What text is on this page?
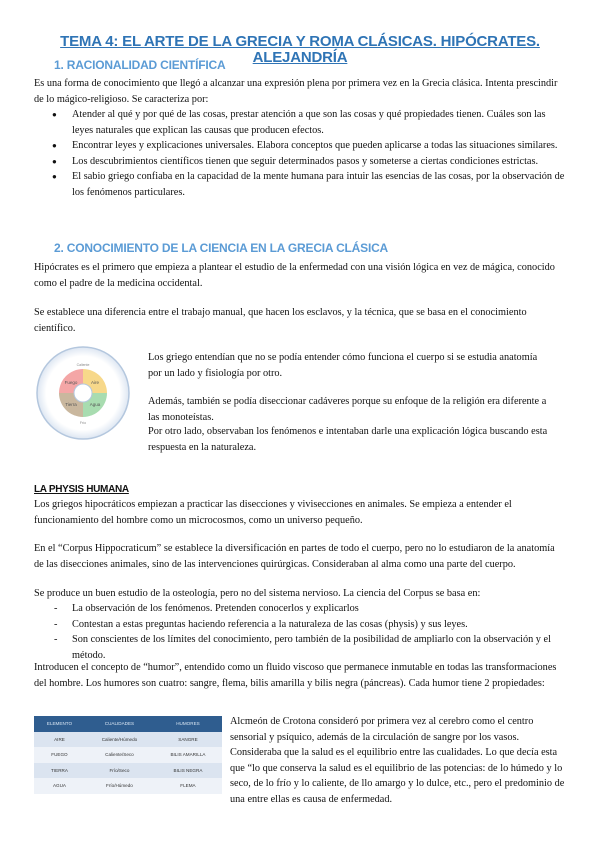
TEMA 4: EL ARTE DE LA GRECIA Y ROMA CLÁSICAS. HIPÓCRATES. ALEJANDRÍA
1. RACIONALIDAD CIENTÍFICA

Es una forma de conocimiento que llegó a alcanzar una expresión plena por primera vez en la Grecia clásica. Intenta prescindir de lo mágico-religioso. Se caracteriza por:

● Atender al qué y por qué de las cosas, prestar atención a que son las cosas y qué propiedades tienen. Cuáles son las leyes naturales que explican las causas que producen efectos.
● Encontrar leyes y explicaciones universales. Elabora conceptos que pueden aplicarse a todas las situaciones similares.
● Los descubrimientos científicos tienen que seguir determinados pasos y someterse a ciertas condiciones estrictas.
● El sabio griego confiaba en la capacidad de la mente humana para intuir las esencias de las cosas, por la observación de los fenómenos particulares.
2. CONOCIMIENTO DE LA CIENCIA EN LA GRECIA CLÁSICA

Hipócrates es el primero que empieza a plantear el estudio de la enfermedad con una visión lógica en vez de mágica, conocido como el padre de la medicina occidental.

Se establece una diferencia entre el trabajo manual, que hacen los esclavos, y la técnica, que se basa en el conocimiento científico.

Fuego	Aire
Agua
Tierra
Caliente
Frío

Los griego entendían que no se podía entender cómo funciona el cuerpo si se estudia anatomía por un lado y fisiología por otro.

Además, también se podía diseccionar cadáveres porque su enfoque de la religión era diferente a las monoteístas.

Por otro lado, observaban los fenómenos e intentaban darle una explicación lógica buscando esta respuesta en la naturaleza.

LA PHYSIS HUMANA

Los griegos hipocráticos empiezan a practicar las disecciones y vivisecciones en animales. Se empieza a entender el funcionamiento del hombre como un microcosmos, como un universo pequeño.

En el “Corpus Hippocraticum” se establece la diversificación en partes de todo el cuerpo, pero no lo estudiaron de la anatomía de las disecciones animales, sino de las intervenciones quirúrgicas. Consideraban al alma como una parte del cuerpo.

Se produce un buen estudio de la osteología, pero no del sistema nervioso. La ciencia del Corpus se basa en:

- La observación de los fenómenos. Pretenden conocerlos y explicarlos
- Contestan a estas preguntas haciendo referencia a la naturaleza de las cosas (physis) y sus leyes.
- Son conscientes de los límites del conocimiento, pero también de la posibilidad de ampliarlo con la observación y el método.

Introducen el concepto de “humor”, entendido como un fluido viscoso que permanece inmutable en todas las transformaciones del hombre. Los humores son cuatro: sangre, flema, bilis amarilla y bilis negra (páncreas). Cada humor tiene 2 propiedades:

ELEMENTO	CUALIDADES	HUMORES
AIRE	Caliente/Húmedo	SANGRE
FUEGO	Caliente/Seco	BILIS AMARILLA
TIERRA	Frío/Seco	BILIS NEGRA
AGUA	Frío/Húmedo	FLEMA

Alcmeón de Crotona consideró por primera vez al cerebro como el centro sensorial y psíquico, además de la circulación de sangre por los vasos. Consideraba que la salud es el equilibrio entre las cualidades. Lo que decía esta que “lo que conserva la salud es el equilibrio de las potencias: de lo húmedo y lo seco, de lo frío y lo caliente, de llo amargo y lo dulce, etc., pero el predominio de una entre ellas es causa de enfermedad.
